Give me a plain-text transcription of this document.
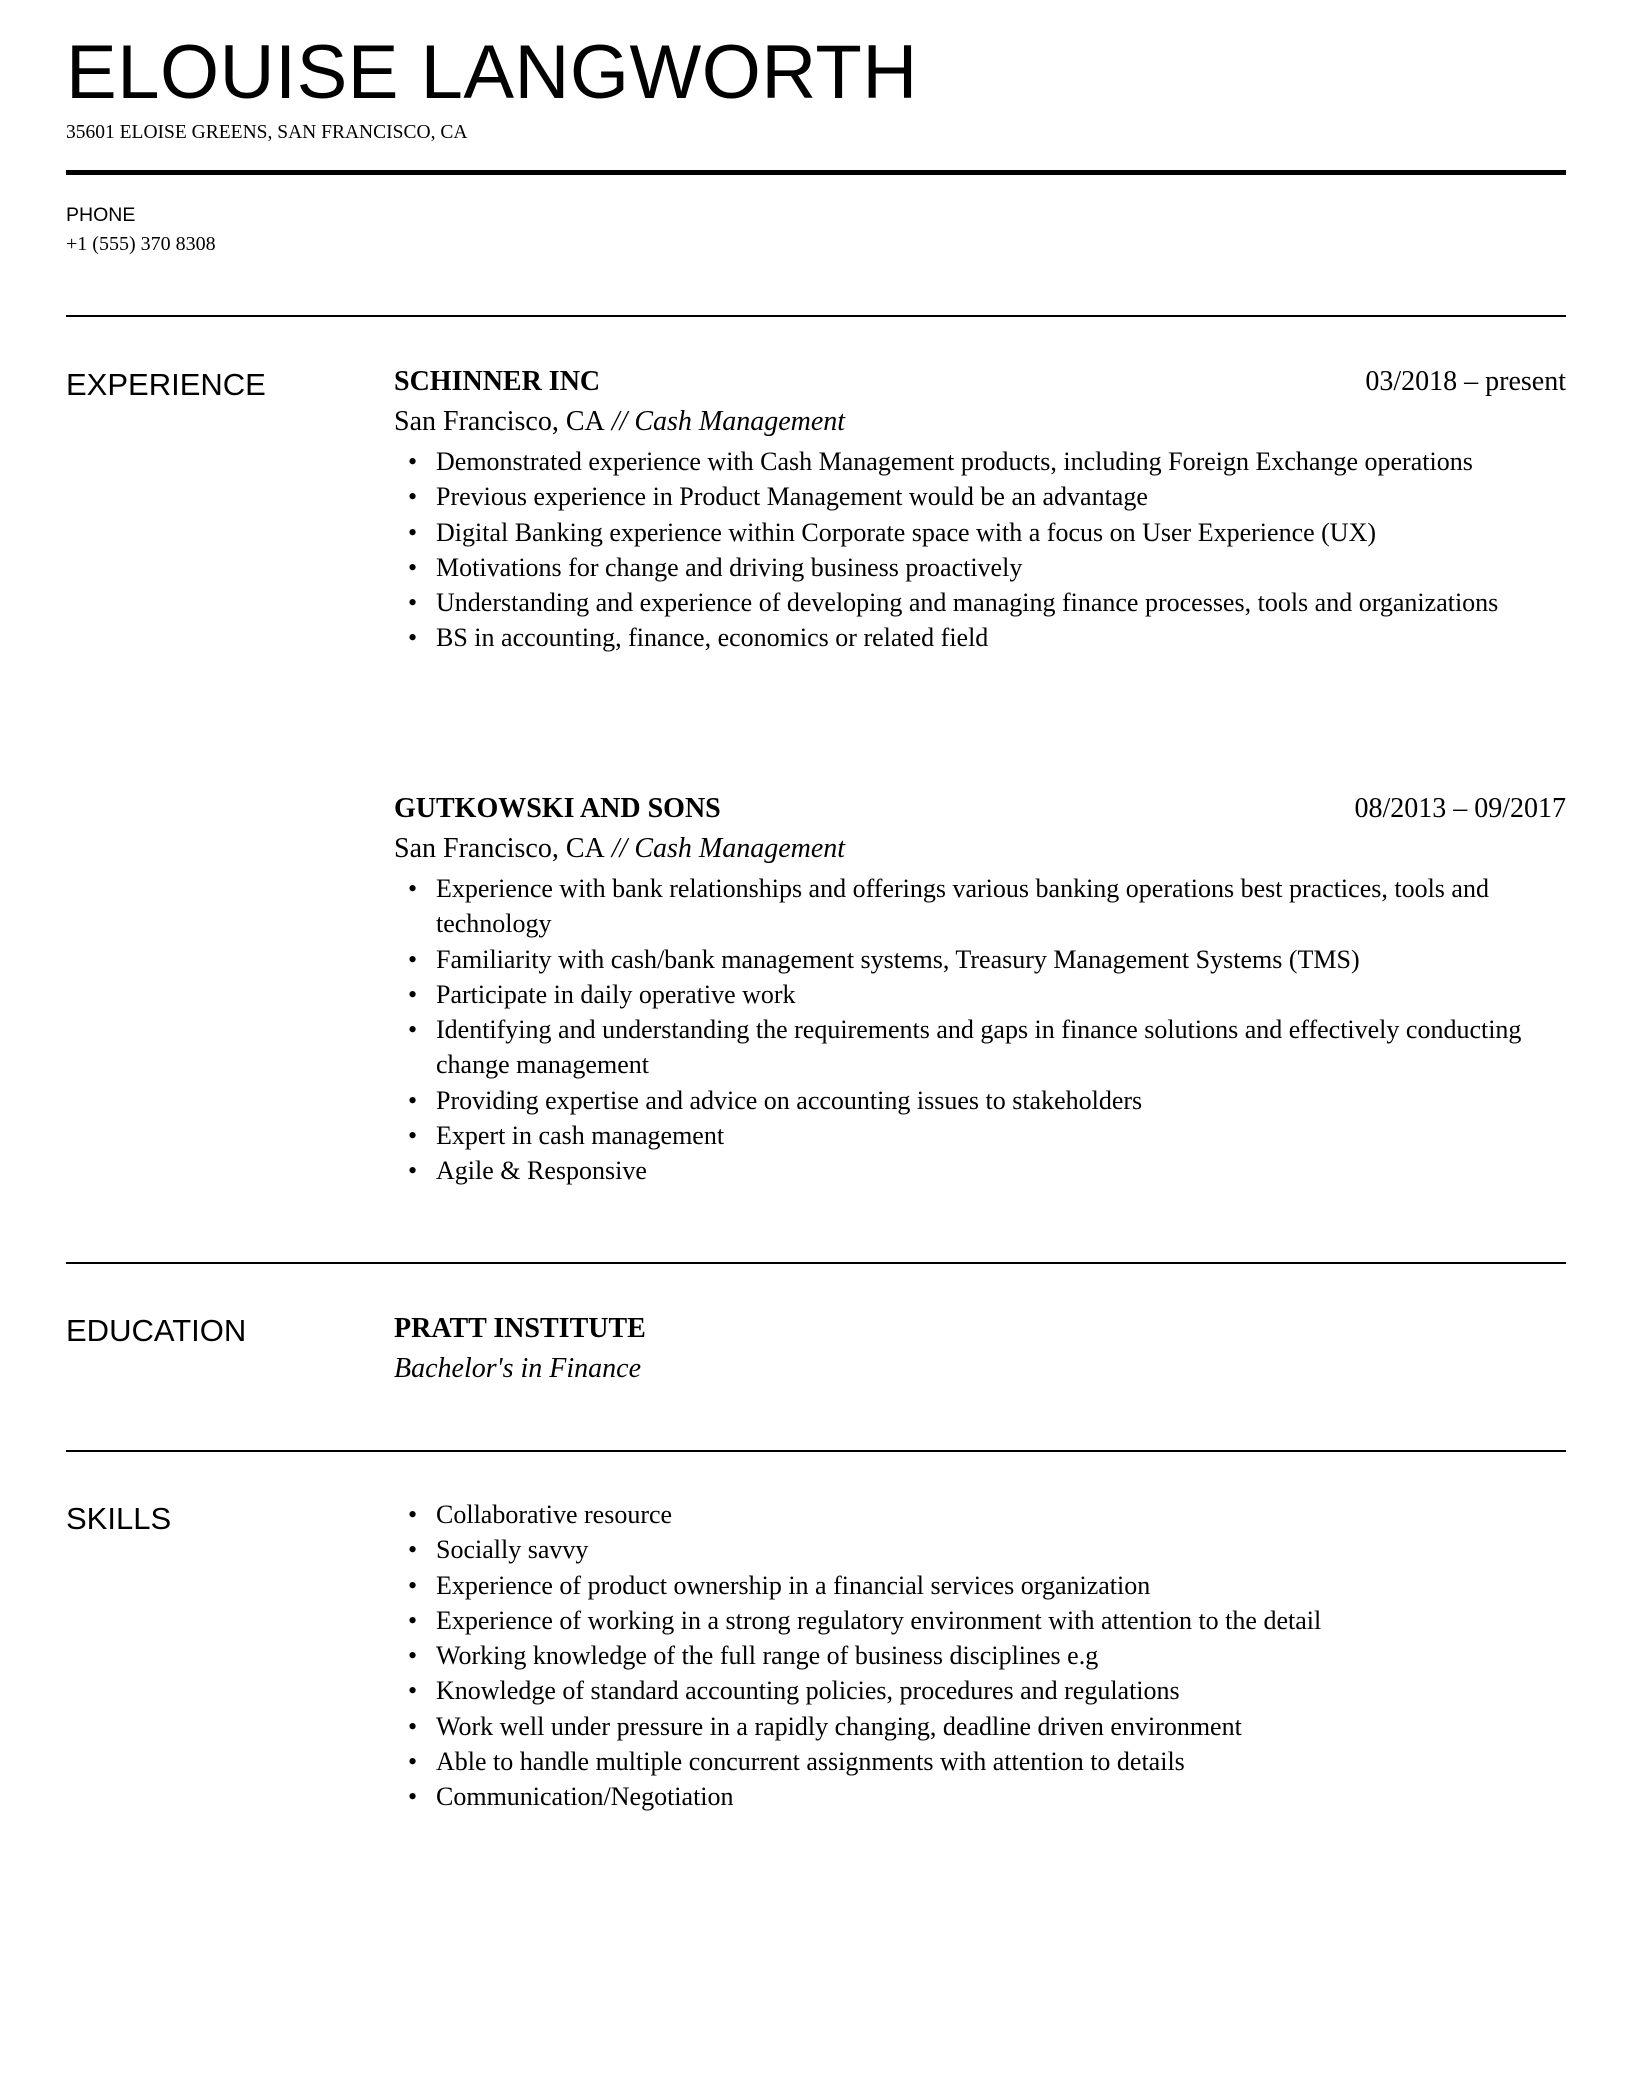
ELOUISE LANGWORTH
35601 ELOISE GREENS, SAN FRANCISCO, CA
PHONE
+1 (555) 370 8308
EXPERIENCE	SCHINNER INC	03/2018 – present
San Francisco, CA // Cash Management
• Demonstrated experience with Cash Management products, including Foreign Exchange operations
• Previous experience in Product Management would be an advantage
• Digital Banking experience within Corporate space with a focus on User Experience (UX)
• Motivations for change and driving business proactively
• Understanding and experience of developing and managing finance processes, tools and organizations
• BS in accounting, finance, economics or related field
GUTKOWSKI AND SONS	08/2013 – 09/2017
San Francisco, CA // Cash Management
• Experience with bank relationships and offerings various banking operations best practices, tools and technology
• Familiarity with cash/bank management systems, Treasury Management Systems (TMS)
• Participate in daily operative work
• Identifying and understanding the requirements and gaps in finance solutions and effectively conducting change management
• Providing expertise and advice on accounting issues to stakeholders
• Expert in cash management
• Agile & Responsive
EDUCATION	PRATT INSTITUTE
Bachelor's in Finance
SKILLS
•	Collaborative resource
• Socially savvy
• Experience of product ownership in a financial services organization
• Experience of working in a strong regulatory environment with attention to the detail
• Working knowledge of the full range of business disciplines e.g
• Knowledge of standard accounting policies, procedures and regulations
• Work well under pressure in a rapidly changing, deadline driven environment
• Able to handle multiple concurrent assignments with attention to details
• Communication/Negotiation
